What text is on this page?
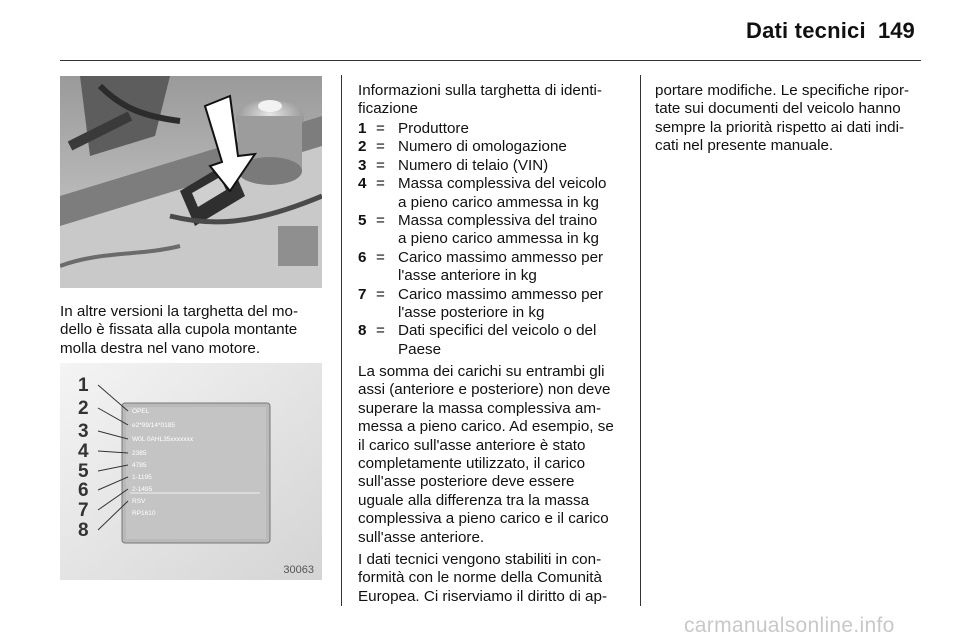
Dati tecnici 149
In altre versioni la targhetta del mo-
dello è fissata alla cupola montante
molla destra nel vano motore.
OPEL
e2*99/14*0185
W0L 0AHL35xxxxxxx
2385
4785
1-1195
2-1495
RSV
RP1610
1
2
3
4
5
6
7
8
30063
Informazioni sulla targhetta di identi-
ficazione
1 = Produttore
2 = Numero di omologazione
3 = Numero di telaio (VIN)
4 = Massa complessiva del veicolo
a pieno carico ammessa in kg
5 = Massa complessiva del traino
a pieno carico ammessa in kg
6 = Carico massimo ammesso per
l'asse anteriore in kg
7 = Carico massimo ammesso per
l'asse posteriore in kg
8 = Dati specifici del veicolo o del
Paese
La somma dei carichi su entrambi gli
assi (anteriore e posteriore) non deve
superare la massa complessiva am-
messa a pieno carico. Ad esempio, se
il carico sull'asse anteriore è stato
completamente utilizzato, il carico
sull'asse posteriore deve essere
uguale alla differenza tra la massa
complessiva a pieno carico e il carico
sull'asse anteriore.
I dati tecnici vengono stabiliti in con-
formità con le norme della Comunità
Europea. Ci riserviamo il diritto di ap-
portare modifiche. Le specifiche ripor-
tate sui documenti del veicolo hanno
sempre la priorità rispetto ai dati indi-
cati nel presente manuale.
carmanualsonline.info
